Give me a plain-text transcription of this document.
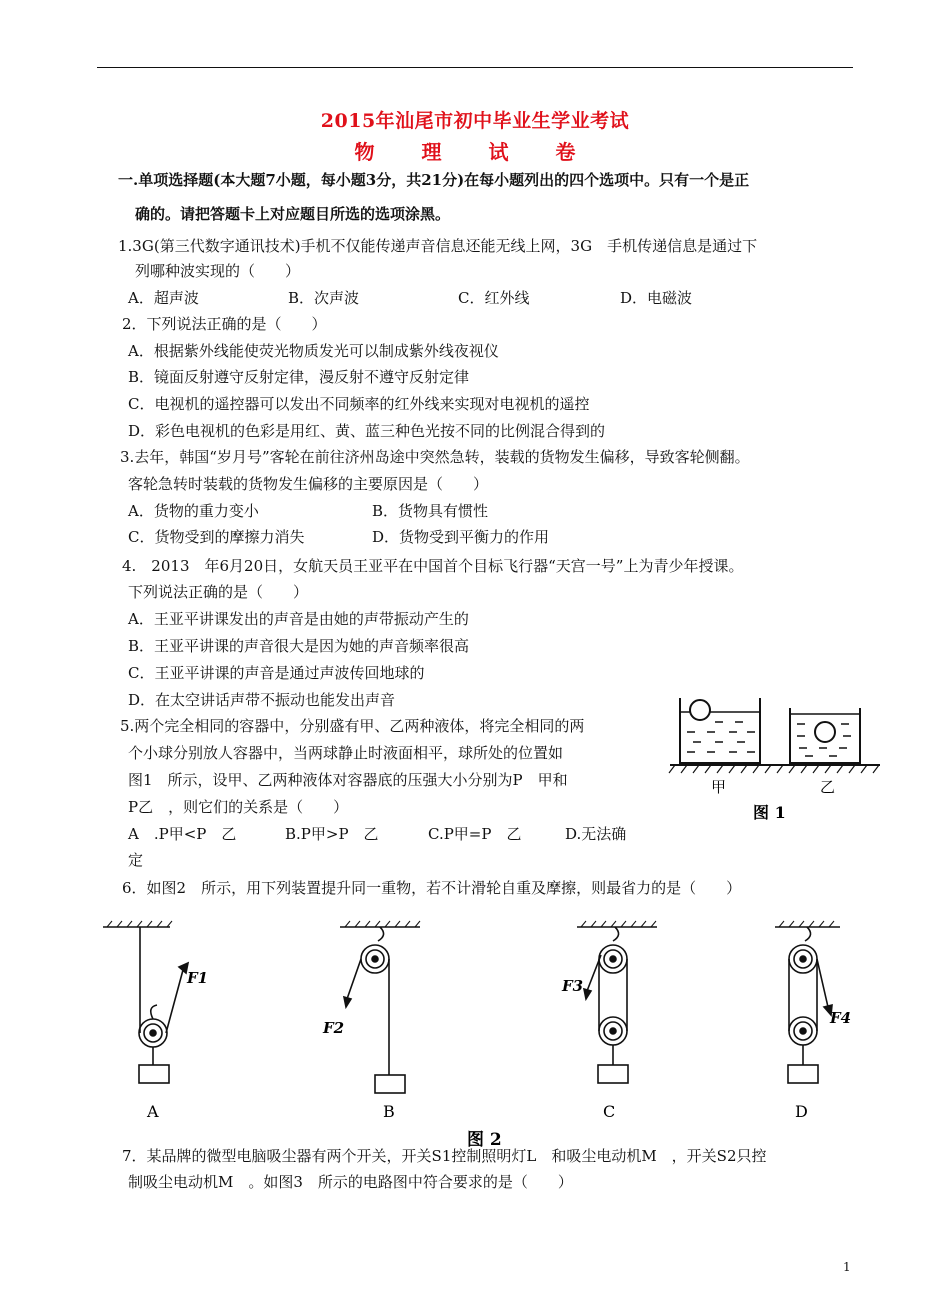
2015年汕尾市初中毕业生学业考试
物 理 试 卷
一.单项选择题(本大题7小题，每小题3分，共21分)在每小题列出的四个选项中。只有一个是正
确的。请把答题卡上对应题目所选的选项涂黑。
1.3G(第三代数字通讯技术)手机不仅能传递声音信息还能无线上网，3G　手机传递信息是通过下
列哪种波实现的（　　）
A．超声波	B．次声波	C．红外线	D．电磁波
2．下列说法正确的是（　　）
A．根据紫外线能使荧光物质发光可以制成紫外线夜视仪
B．镜面反射遵守反射定律，漫反射不遵守反射定律
C．电视机的遥控器可以发出不同频率的红外线来实现对电视机的遥控
D．彩色电视机的色彩是用红、黄、蓝三种色光按不同的比例混合得到的
3.去年，韩国“岁月号”客轮在前往济州岛途中突然急转，装载的货物发生偏移，导致客轮侧翻。
客轮急转时装载的货物发生偏移的主要原因是（　　）
A．货物的重力变小	B．货物具有惯性
C．货物受到的摩擦力消失	D．货物受到平衡力的作用
4.　2013　年6月20日，女航天员王亚平在中国首个目标飞行器“天宫一号”上为青少年授课。
下列说法正确的是（　　）
A．王亚平讲课发出的声音是由她的声带振动产生的
B．王亚平讲课的声音很大是因为她的声音频率很高
C．王亚平讲课的声音是通过声波传回地球的
D．在太空讲话声带不振动也能发出声音
5.两个完全相同的容器中，分别盛有甲、乙两种液体，将完全相同的两
个小球分别放人容器中，当两球静止时液面相平，球所处的位置如
图1　所示，设甲、乙两种液体对容器底的压强大小分别为P　甲和
P乙　，则它们的关系是（　　）
A　.P甲<P　乙	B.P甲>P　乙	C.P甲=P　乙	D.无法确
定
甲	乙
图 1
6．如图2　所示，用下列装置提升同一重物，若不计滑轮自重及摩擦，则最省力的是（　　）
F1
F2
F3
F4
A	B	C	D
图 2
7．某品牌的微型电脑吸尘器有两个开关，开关S1控制照明灯L　和吸尘电动机M　，开关S2只控
制吸尘电动机M　。如图3　所示的电路图中符合要求的是（　　）
1
